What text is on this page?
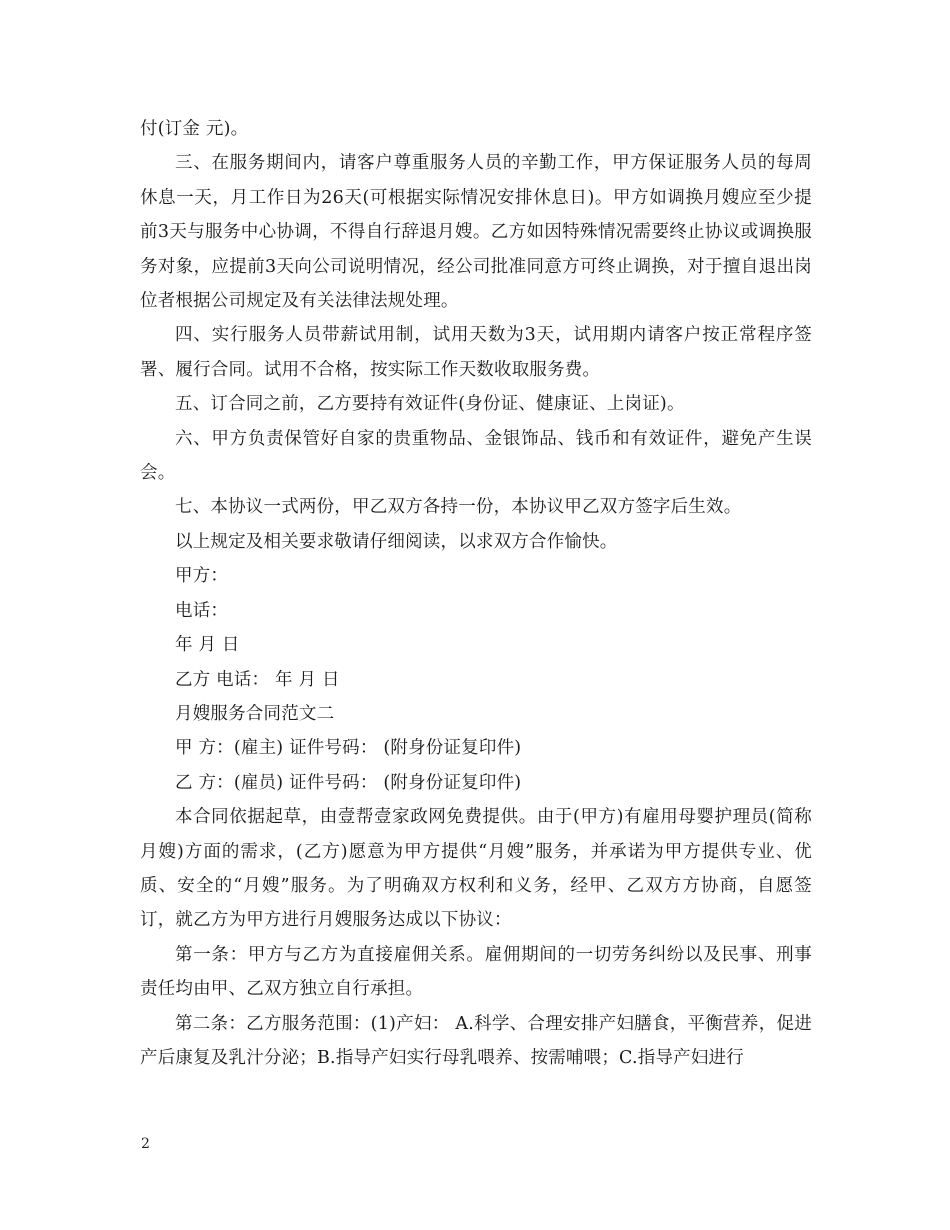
付(订金 元)。

三、在服务期间内，请客户尊重服务人员的辛勤工作，甲方保证服务人员的每周休息一天，月工作日为26天(可根据实际情况安排休息日)。甲方如调换月嫂应至少提前3天与服务中心协调，不得自行辞退月嫂。乙方如因特殊情况需要终止协议或调换服务对象，应提前3天向公司说明情况，经公司批准同意方可终止调换，对于擅自退出岗位者根据公司规定及有关法律法规处理。

四、实行服务人员带薪试用制，试用天数为3天，试用期内请客户按正常程序签署、履行合同。试用不合格，按实际工作天数收取服务费。

五、订合同之前，乙方要持有效证件(身份证、健康证、上岗证)。

六、甲方负责保管好自家的贵重物品、金银饰品、钱币和有效证件，避免产生误会。

七、本协议一式两份，甲乙双方各持一份，本协议甲乙双方签字后生效。

以上规定及相关要求敬请仔细阅读，以求双方合作愉快。

甲方：

电话：

年 月 日

乙方 电话： 年 月 日

月嫂服务合同范文二

甲 方：(雇主) 证件号码： (附身份证复印件)

乙 方：(雇员) 证件号码： (附身份证复印件)

本合同依据起草，由壹帮壹家政网免费提供。由于(甲方)有雇用母婴护理员(简称月嫂)方面的需求，(乙方)愿意为甲方提供“月嫂”服务，并承诺为甲方提供专业、优质、安全的“月嫂”服务。为了明确双方权利和义务，经甲、乙双方方协商，自愿签订，就乙方为甲方进行月嫂服务达成以下协议：

第一条：甲方与乙方为直接雇佣关系。雇佣期间的一切劳务纠纷以及民事、刑事责任均由甲、乙双方独立自行承担。

第二条：乙方服务范围：(1)产妇： A.科学、合理安排产妇膳食，平衡营养，促进产后康复及乳汁分泌；B.指导产妇实行母乳喂养、按需哺喂；C.指导产妇进行

2
